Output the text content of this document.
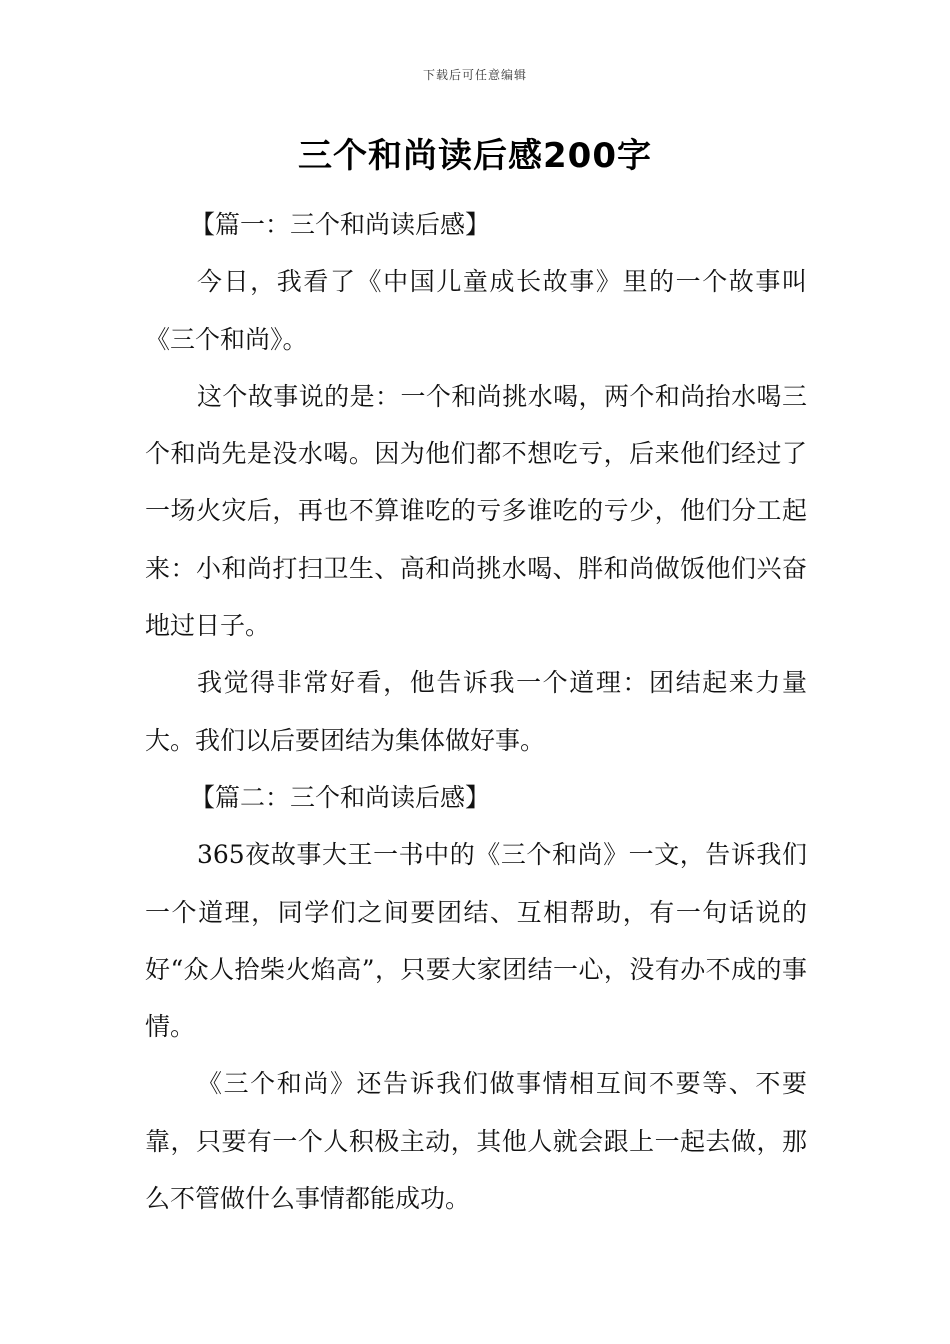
下载后可任意编辑
三个和尚读后感200字
【篇一：三个和尚读后感】

今日，我看了《中国儿童成长故事》里的一个故事叫《三个和尚》。

这个故事说的是：一个和尚挑水喝，两个和尚抬水喝三个和尚先是没水喝。因为他们都不想吃亏，后来他们经过了一场火灾后，再也不算谁吃的亏多谁吃的亏少，他们分工起来：小和尚打扫卫生、高和尚挑水喝、胖和尚做饭他们兴奋地过日子。

我觉得非常好看，他告诉我一个道理：团结起来力量大。我们以后要团结为集体做好事。

【篇二：三个和尚读后感】

365夜故事大王一书中的《三个和尚》一文，告诉我们一个道理，同学们之间要团结、互相帮助，有一句话说的好“众人拾柴火焰高”，只要大家团结一心，没有办不成的事情。

《三个和尚》还告诉我们做事情相互间不要等、不要靠，只要有一个人积极主动，其他人就会跟上一起去做，那么不管做什么事情都能成功。
